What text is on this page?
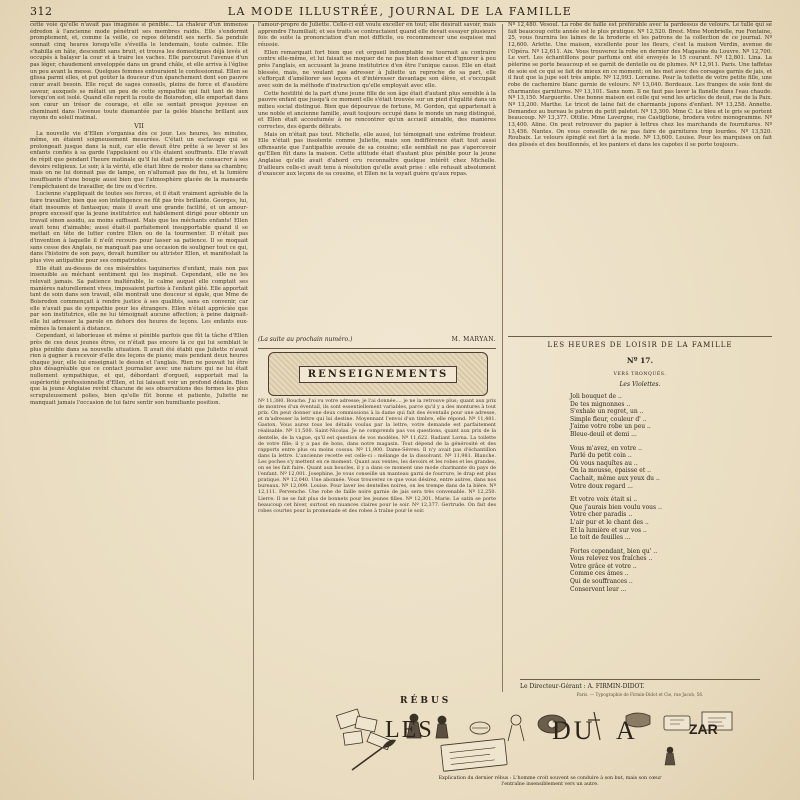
312	LA MODE ILLUSTRÉE, JOURNAL DE LA FAMILLE

cette voie qu'elle n'avait pas imaginée si pénible... La chaleur d'un immense édredon à l'ancienne mode pénétrait ses membres raidis. Elle s'endormit promptement, et, comme la veille, ce repos détendit ses nerfs. Sa pendule sonnait cinq heures lorsqu'elle s'éveilla le lendemain, toute calmée. Elle s'habilla en hâte, descendit sans bruit, et trouva les domestiques déjà levés et occupés à balayer la cour et à traire les vaches. Elle parcourut l'avenue d'un pas léger, chaudement enveloppée dans un grand châle, et elle arriva à l'église un peu avant la messe. Quelques femmes entouraient le confessionnal. Ellen se glissa parmi elles, et put goûter la douceur d'un épanchement dont son pauvre cœur avait besoin. Elle reçut de sages conseils, pleins de force et d'austère saveur, auxquels se mêlait un peu de cette sympathie qui fait tant de bien lorsqu'on est isolé. Quand elle reprit la route de Boisredon, elle emportait dans son cœur un trésor de courage, et elle se sentait presque joyeuse en cheminant dans l'avenue toute diamantée par la gelée blanche brillant aux rayons du soleil matinal.

VII

La nouvelle vie d'Ellen s'organisa dès ce jour. Les heures, les minutes, même, en étaient soigneusement mesurées. C'était un esclavage qui se prolongeait jusque dans la nuit, car elle devait être prête à se lever si les enfants confiés à sa garde l'appelaient ou s'ils étaient souffrants. Elle n'avait de répit que pendant l'heure matinale qu'il lui était permis de consacrer à ses devoirs religieux. Le soir, à la vérité, elle était libre de rester dans sa chambre; mais on ne lui donnait pas de lampe, on n'allumait pas de feu, et la lumière insuffisante d'une bougie aussi bien que l'atmosphère glacée de la mansarde l'empêchaient de travailler, de lire ou d'écrire.

Lucienne s'appliquait de toutes ses forces, et il était vraiment agréable de la faire travailler, bien que son intelligence ne fût pas très brillante. Georges, lui, était insoumis et fantasque; mais il avait une grande facilité, et un amour-propre excessif que la jeune institutrice eut habilement dirigé pour obtenir un travail sinon assidu, au moins suffisant. Mais que les méchants enfants! Ellen avait tenu d'aimable; aussi était-il parfaitement insupportable quand il se mettait en tête de lutter contre Ellen ou de la tourmenter. Il n'était pas d'invention à laquelle il n'eût recours pour lasser sa patience. Il se moquait sans cesse des Anglais, ne manquait pas une occasion de souligner tout ce qui, dans l'histoire de son pays, devait humilier ou attrister Ellen, et manifestait la plus vive antipathie pour ses compatriotes.

Elle était au-dessus de ces misérables taquineries d'enfant, mais non pas insensible au méchant sentiment qui les inspirait. Cependant, elle ne les relevait jamais. Sa patience inaltérable, le calme auquel elle comptait ses manières naturellement vives, imposaient parfois à l'enfant gâté. Elle apportait tant de soin dans son travail, elle montrait une douceur si égale, que Mme de Boisredon commençait à rendre justice à ses qualités, sans en convenir, car elle n'avait pas de sympathie pour les étrangers. Ellen n'était appréciée que par son institutrice, elle ne lui témoignait aucune affection; à peine daignait-elle lui adresser la parole en dehors des heures de leçons. Les enfants eux-mêmes la tenaient à distance.

Cependant, si laborieuse et même si pénible parfois que fût la tâche d'Ellen près de ces deux jeunes êtres, ce n'était pas encore là ce qui lui semblait le plus pénible dans sa nouvelle situation. Il avait été établi que Juliette n'avait rien à gagner à recevoir d'elle des leçons de piano; mais pendant deux heures chaque jour, elle lui enseignait le dessin et l'anglais. Rien ne pouvait lui être plus désagréable que ce contact journalier avec une nature qui ne lui était nullement sympathique, et qui, débordant d'orgueil, supportait mal la supériorité professionnelle d'Ellen, et lui laissait voir un profond dédain. Bien que la jeune Anglaise revînt chacune de ses observations des formes les plus scrupuleusement polies, bien qu'elle fût bonne et patiente, Juliette ne manquait jamais l'occasion de lui faire sentir son humiliante position.

l'amour-propre de Juliette. Celle-ci eût voulu exceller en tout; elle désirait savoir, mais apprendre l'humiliait; et ses traits se contractaient quand elle devait essayer plusieurs fois de suite la prononciation d'un mot difficile, ou recommencer une esquisse mal réussie.

Ellen remarquait fort bien que cet orgueil indomptable ne tournait au contraire contre elle-même, et lui faisait se moquer de ne pas bien dessiner et d'ignorer à peu près l'anglais, en accusant la jeune institutrice d'en être l'unique cause. Elle en était blessée, mais, ne voulant pas adresser à Juliette un reproche de sa part, elle s'efforçait d'améliorer ses leçons et d'intéresser davantage son élève, et s'occupait avec soin de la méthode d'instruction qu'elle employait avec elle.

Cette hostilité de la part d'une jeune fille de son âge était d'autant plus sensible à la pauvre enfant que jusqu'à ce moment elle s'était trouvée sur un pied d'égalité dans un milieu social distingué. Bien que dépourvue de fortune, M. Gordon, qui appartenait à une noble et ancienne famille, avait toujours occupé dans le monde un rang distingué, et Ellen était accoutumée à ne rencontrer qu'un accueil aimable, des manières correctes, des égards délicats.

Mais on n'était pas tout. Michelle, elle aussi, lui témoignait une extrême froideur. Elle n'était pas insolente comme Juliette, mais son indifférence était tout aussi offensante que l'antipathie avouée de sa cousine; elle semblait ne pas s'apercevoir qu'Ellen fût dans la maison. Cette attitude était d'autant plus pénible pour la jeune Anglaise qu'elle avait d'abord cru reconnaître quelque intérêt chez Michelle. D'ailleurs celle-ci avait tenu à résolution qu'elle avait prise : elle refusait absolument d'exaucer aux leçons de sa cousine, et Ellen ne la voyait guère qu'aux repas.

(La suite au prochain numéro.)	M. MARYAN.
RENSEIGNEMENTS

Nº 11,380. Bouche. J'ai vu votre adresse; je l'ai donnée.... je ne la retrouve plus; quant aux prix de montres d'un éventail, ils sont essentiellement variables, parce qu'il y a des montures à tout prix. On peut donner une deux commissions à la dame qui fait des éventails pour une adresse, et m'adresser la lettre qui lui destine. Moyennant l'envoi d'un timbre, elle répond. Nº 11,481. Gaston. Vous aurez tous les détails voulus par la lettre, votre demande est parfaitement réalisable. Nº 11,500. Saint-Nicolas. Je ne comprends pas vos questions, quant aux prix de la dentelle, de la vague, qu'il est question de vos modèles. Nº 11,622. Radiant Lorna. La toilette de votre fille; il y a pas de bons, dans notre magasin. Tout dépend de la générosité et des rapports entre plus ou moins cossus. Nº 11,900. Dame-Sévres. Il n'y avait pas d'échantillon dans la lettre. L'ancienne recette est celle-ci : mélange de la dissolvant. Nº 11,981. Blanche. Les poches s'y mettent en ce moment. Quant aux ventes, les devoirs et les robes et les grandes, on se les fait faire. Quant aux boucles, il y a dans ce moment une mode charmante du pays de l'enfant. Nº 12,001. Josephine. Je vous conseille un manteau garni de fourrure, le drap est plus pratique. Nº 12,040. Une abonnée. Vous trouverez ce que vous désirez, entre autres, dans nos bureaux. Nº 12,099. Louise. Pour laver les dentelles noires, on les trempe dans de la bière. Nº 12,111. Pervenche. Une robe de faille noire garnie de jais sera très convenable. Nº 12,250. Lierre. Il ne se fait plus de bonnets pour les jeunes filles. Nº 12,301. Marie. Le satin se porte beaucoup cet hiver, surtout en nuances claires pour le soir. Nº 12,377. Gertrude. On fait des robes courtes pour la promenade et des robes à traîne pour le soir.

Nº 12,480. Vesoul. La robe de faille est préférable avec la pardessus de velours. Le tulle qui se fait beaucoup cette année est le plus pratique. Nº 12,520. Brest. Mme Monbrielle, rue Fontaine, 25, vous fournira les laines de la broderie et les patrons de la collection de ce journal. Nº 12,600. Arlette. Une maison, excellente pour les fleurs, c'est la maison Verdin, avenue de l'Opéra. Nº 12,611. Aix. Vous trouverez la robe en dernier des Magasins du Louvre. Nº 12,700. Le vert. Les échantillons pour parfums ont été envoyés le 15 courant. Nº 12,801. Lina. La pèlerine se porte beaucoup et se garnit de dentelle ou de plumes. Nº 12,911. Paris. Une taffetas de soie est ce qui se fait de mieux en ce moment; on les met avec des corsages garnis de jais, et il faut que la jupe soit très ample. Nº 12,993. Lorraine. Pour la toilette de votre petite fille, une robe de cachemire blanc garnie de velours. Nº 13,040. Bordeaux. Les franges de soie font de charmantes garnitures. Nº 13,101. Sans nom. Il ne faut pas laver la flanelle dans l'eau chaude. Nº 13,150. Marguerite. Une bonne maison est celle qui vend les articles de deuil, rue de la Paix. Nº 13,200. Marthe. Le tricot de laine fait de charmants jupons d'enfant. Nº 13,258. Annette. Demandez au bureau le patron du petit paletot. Nº 13,300. Mme C. Le bleu et le gris se portent beaucoup. Nº 13,377. Ottilie. Mme Lavergne, rue Castiglione, brodera votre monogramme. Nº 13,400. Aline. On peut retrouver du papier à lettres chez les marchands de fournitures. Nº 13,456. Nantes. On vous conseille de ne pas faire de garnitures trop lourdes. Nº 13,520. Roubaix. Le velours épinglé est fort à la mode. Nº 13,600. Louise. Pour les marquises on fait des plissés et des bouillonnés, et les paniers et dans les capotes il se porte toujours.

LES HEURES DE LOISIR DE LA FAMILLE
Nº 17.
VERS TRONQUÉS.
Les Violettes.
Joli bouquet de ..
De tes mignonnes ..
S'exhale un regret, un ..
Simple fleur, couleur d' ..
J'aime votre robe un peu ..
Bleue-deuil et demi ...
Vous m'avez, en votre ..
Parlé du petit coin ..
Où vous naquîtes au ..
On la mousse, épaisse et ..
Cachait, même aux yeux du ..
Votre doux regard ...
Et votre voix était si ..
Que j'aurais bien voulu vous ..
Votre cher paradis ..
L'air pur et le chant des ..
Et la lumière et sur vos ..
Le toit de feuilles ...
Fortes cependant, bien qu' ..
Vous relevez vos fraîches ..
Votre grâce et votre ..
Comme ces âmes ..
Qui de souffrances ..
Conservent leur ...
Le Directeur-Gérant : A. FIRMIN-DIDOT.
Paris. — Typographie de Firmin-Didot et Cie, rue Jacob, 56.
RÉBUS
LES	DU A	ZAR
Explication du dernier rébus : L'homme croit souvent se conduire à son but, mais son cœur
l'entraîne insensiblement vers un autre.
